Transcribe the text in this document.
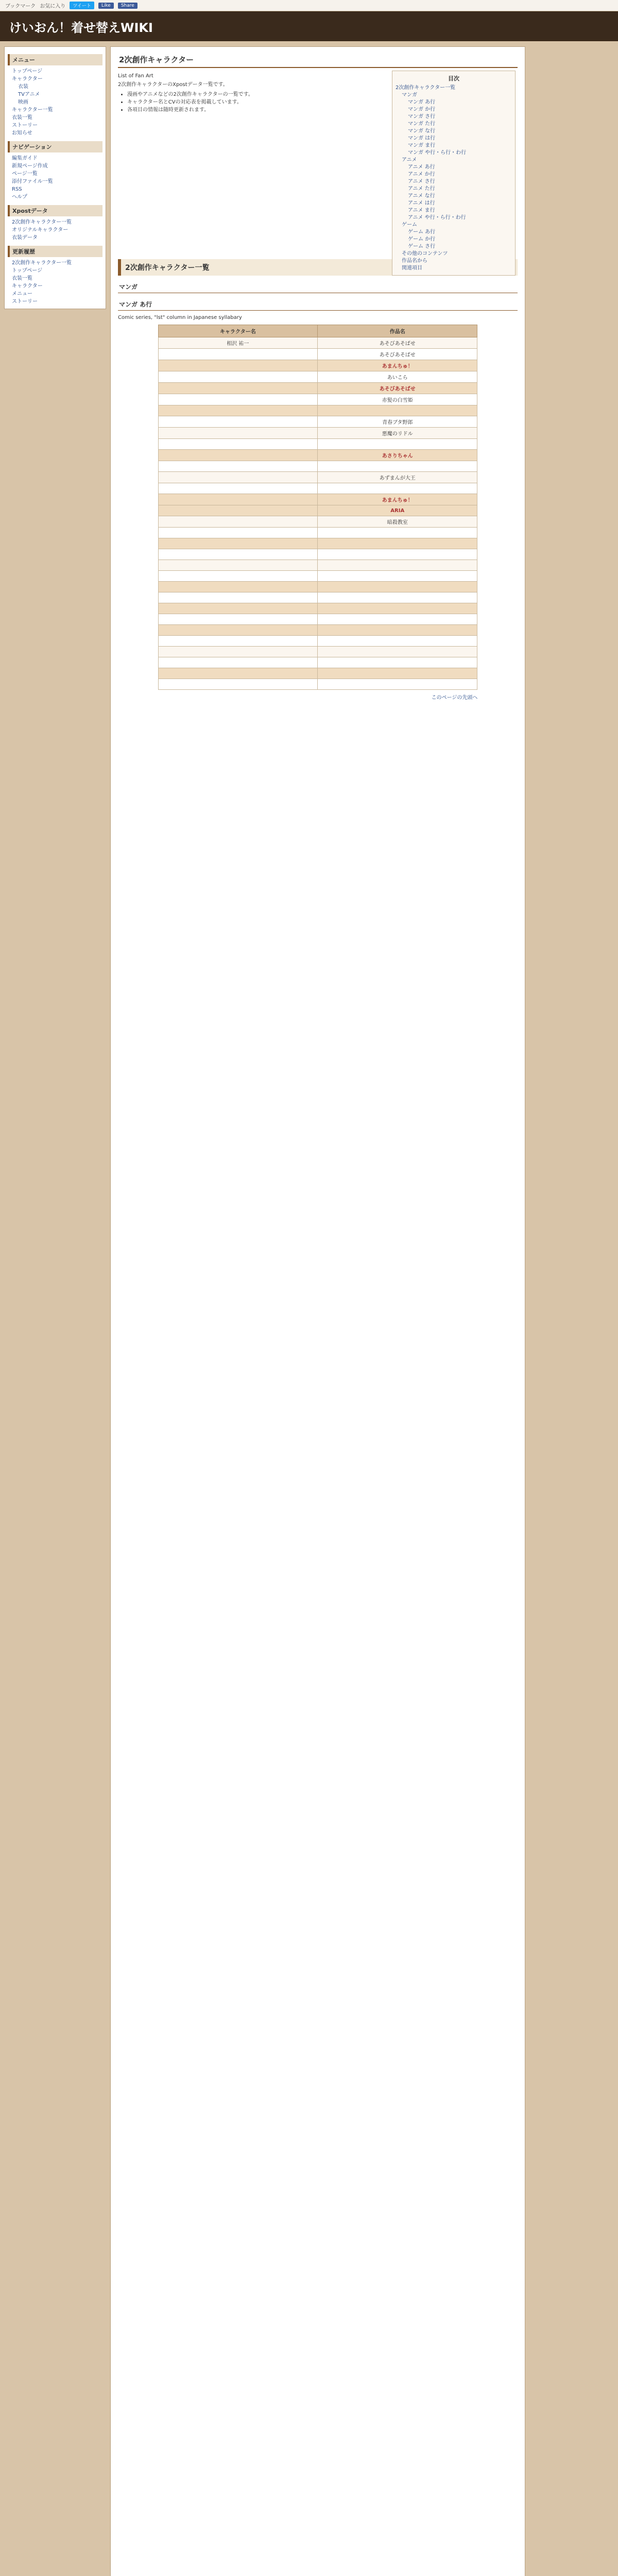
ブックマーク お気に入り	ツイート	Like	Share
けいおん！着せ替えWIKI
メニュー
トップページ
キャラクター
衣装
TVアニメ
映画
キャラクター一覧
衣装一覧
ストーリー
お知らせ
ナビゲーション
編集ガイド
新規ページ作成
ページ一覧
添付ファイル一覧
RSS
ヘルプ
Xpostデータ
2次創作キャラクター一覧
オリジナルキャラクター
衣装データ
更新履歴
2次創作キャラクター一覧
トップページ
衣装一覧
キャラクター
メニュー
ストーリー
2次創作キャラクター

List of Fan Art

2次創作キャラクターのXpostデータ一覧です。

• 漫画やアニメなどの2次創作キャラクターの一覧です。
• キャラクター名とCVの対応表を掲載しています。
• 各項目の情報は随時更新されます。
目次
2次創作キャラクター一覧
マンガ
マンガ あ行
マンガ か行
マンガ さ行
マンガ た行
マンガ な行
マンガ は行
マンガ ま行
マンガ や行・ら行・わ行
アニメ
アニメ あ行
アニメ か行
アニメ さ行
アニメ た行
アニメ な行
アニメ は行
アニメ ま行
アニメ や行・ら行・わ行
ゲーム
ゲーム あ行
ゲーム か行
ゲーム さ行
その他のコンテンツ
作品名から
関連項目
2次創作キャラクター一覧
マンガ
マンガ あ行
Comic series, "lst" column in Japanese syllabary
キャラクター名	作品名
相沢 祐一	あそびあそばせ
	あそびあそばせ
	あまんちゅ！
	あいこら
	あそびあそばせ
	赤髪の白雪姫

	青春ブタ野郎
	悪魔のリドル

	あさりちゃん

	あずまんが大王

	あまんちゅ！
	ARIA
	暗殺教室

このページの先頭へ
